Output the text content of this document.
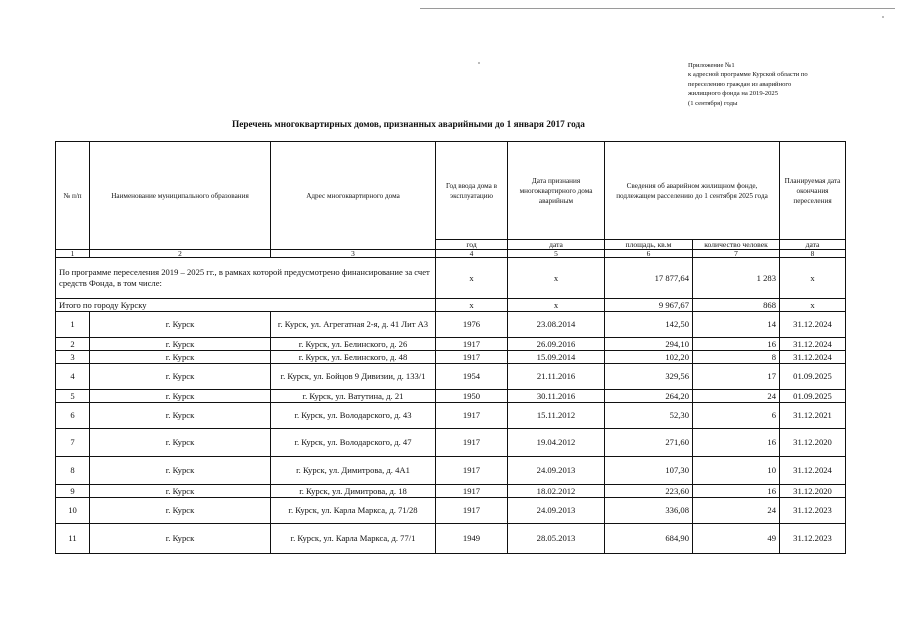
Приложение №1
к адресной программе Курской области по
переселению граждан из аварийного
жилищного фонда на 2019-2025
(1 сентября) годы
Перечень многоквартирных домов, признанных аварийными до 1 января 2017 года
№ п/п	Наименование муниципального образования	Адрес многоквартирного дома	Год ввода дома в эксплуатацию	Дата признания многоквартирного дома аварийным	Сведения об аварийном жилищном фонде, подлежащем расселению до 1 сентября 2025 года		Планируемая дата окончания переселения
			год	дата	площадь, кв.м	количество человек	дата
1	2	3	4	5	6	7	8
По программе переселения 2019 – 2025 гг., в рамках которой предусмотрено финансирование за счет средств Фонда, в том числе:			x	x	17 877,64	1 283	x
Итого по городу Курску			x	x	9 967,67	868	x
1	г. Курск	г. Курск, ул. Агрегатная 2-я, д. 41 Лит А3	1976	23.08.2014	142,50	14	31.12.2024
2	г. Курск	г. Курск, ул. Белинского, д. 26	1917	26.09.2016	294,10	16	31.12.2024
3	г. Курск	г. Курск, ул. Белинского, д. 48	1917	15.09.2014	102,20	8	31.12.2024
4	г. Курск	г. Курск, ул. Бойцов 9 Дивизии, д. 133/1	1954	21.11.2016	329,56	17	01.09.2025
5	г. Курск	г. Курск, ул. Ватутина, д. 21	1950	30.11.2016	264,20	24	01.09.2025
6	г. Курск	г. Курск, ул. Володарского, д. 43	1917	15.11.2012	52,30	6	31.12.2021
7	г. Курск	г. Курск, ул. Володарского, д. 47	1917	19.04.2012	271,60	16	31.12.2020
8	г. Курск	г. Курск, ул. Димитрова, д. 4А1	1917	24.09.2013	107,30	10	31.12.2024
9	г. Курск	г. Курск, ул. Димитрова, д. 18	1917	18.02.2012	223,60	16	31.12.2020
10	г. Курск	г. Курск, ул. Карла Маркса, д. 71/28	1917	24.09.2013	336,08	24	31.12.2023
11	г. Курск	г. Курск, ул. Карла Маркса, д. 77/1	1949	28.05.2013	684,90	49	31.12.2023
